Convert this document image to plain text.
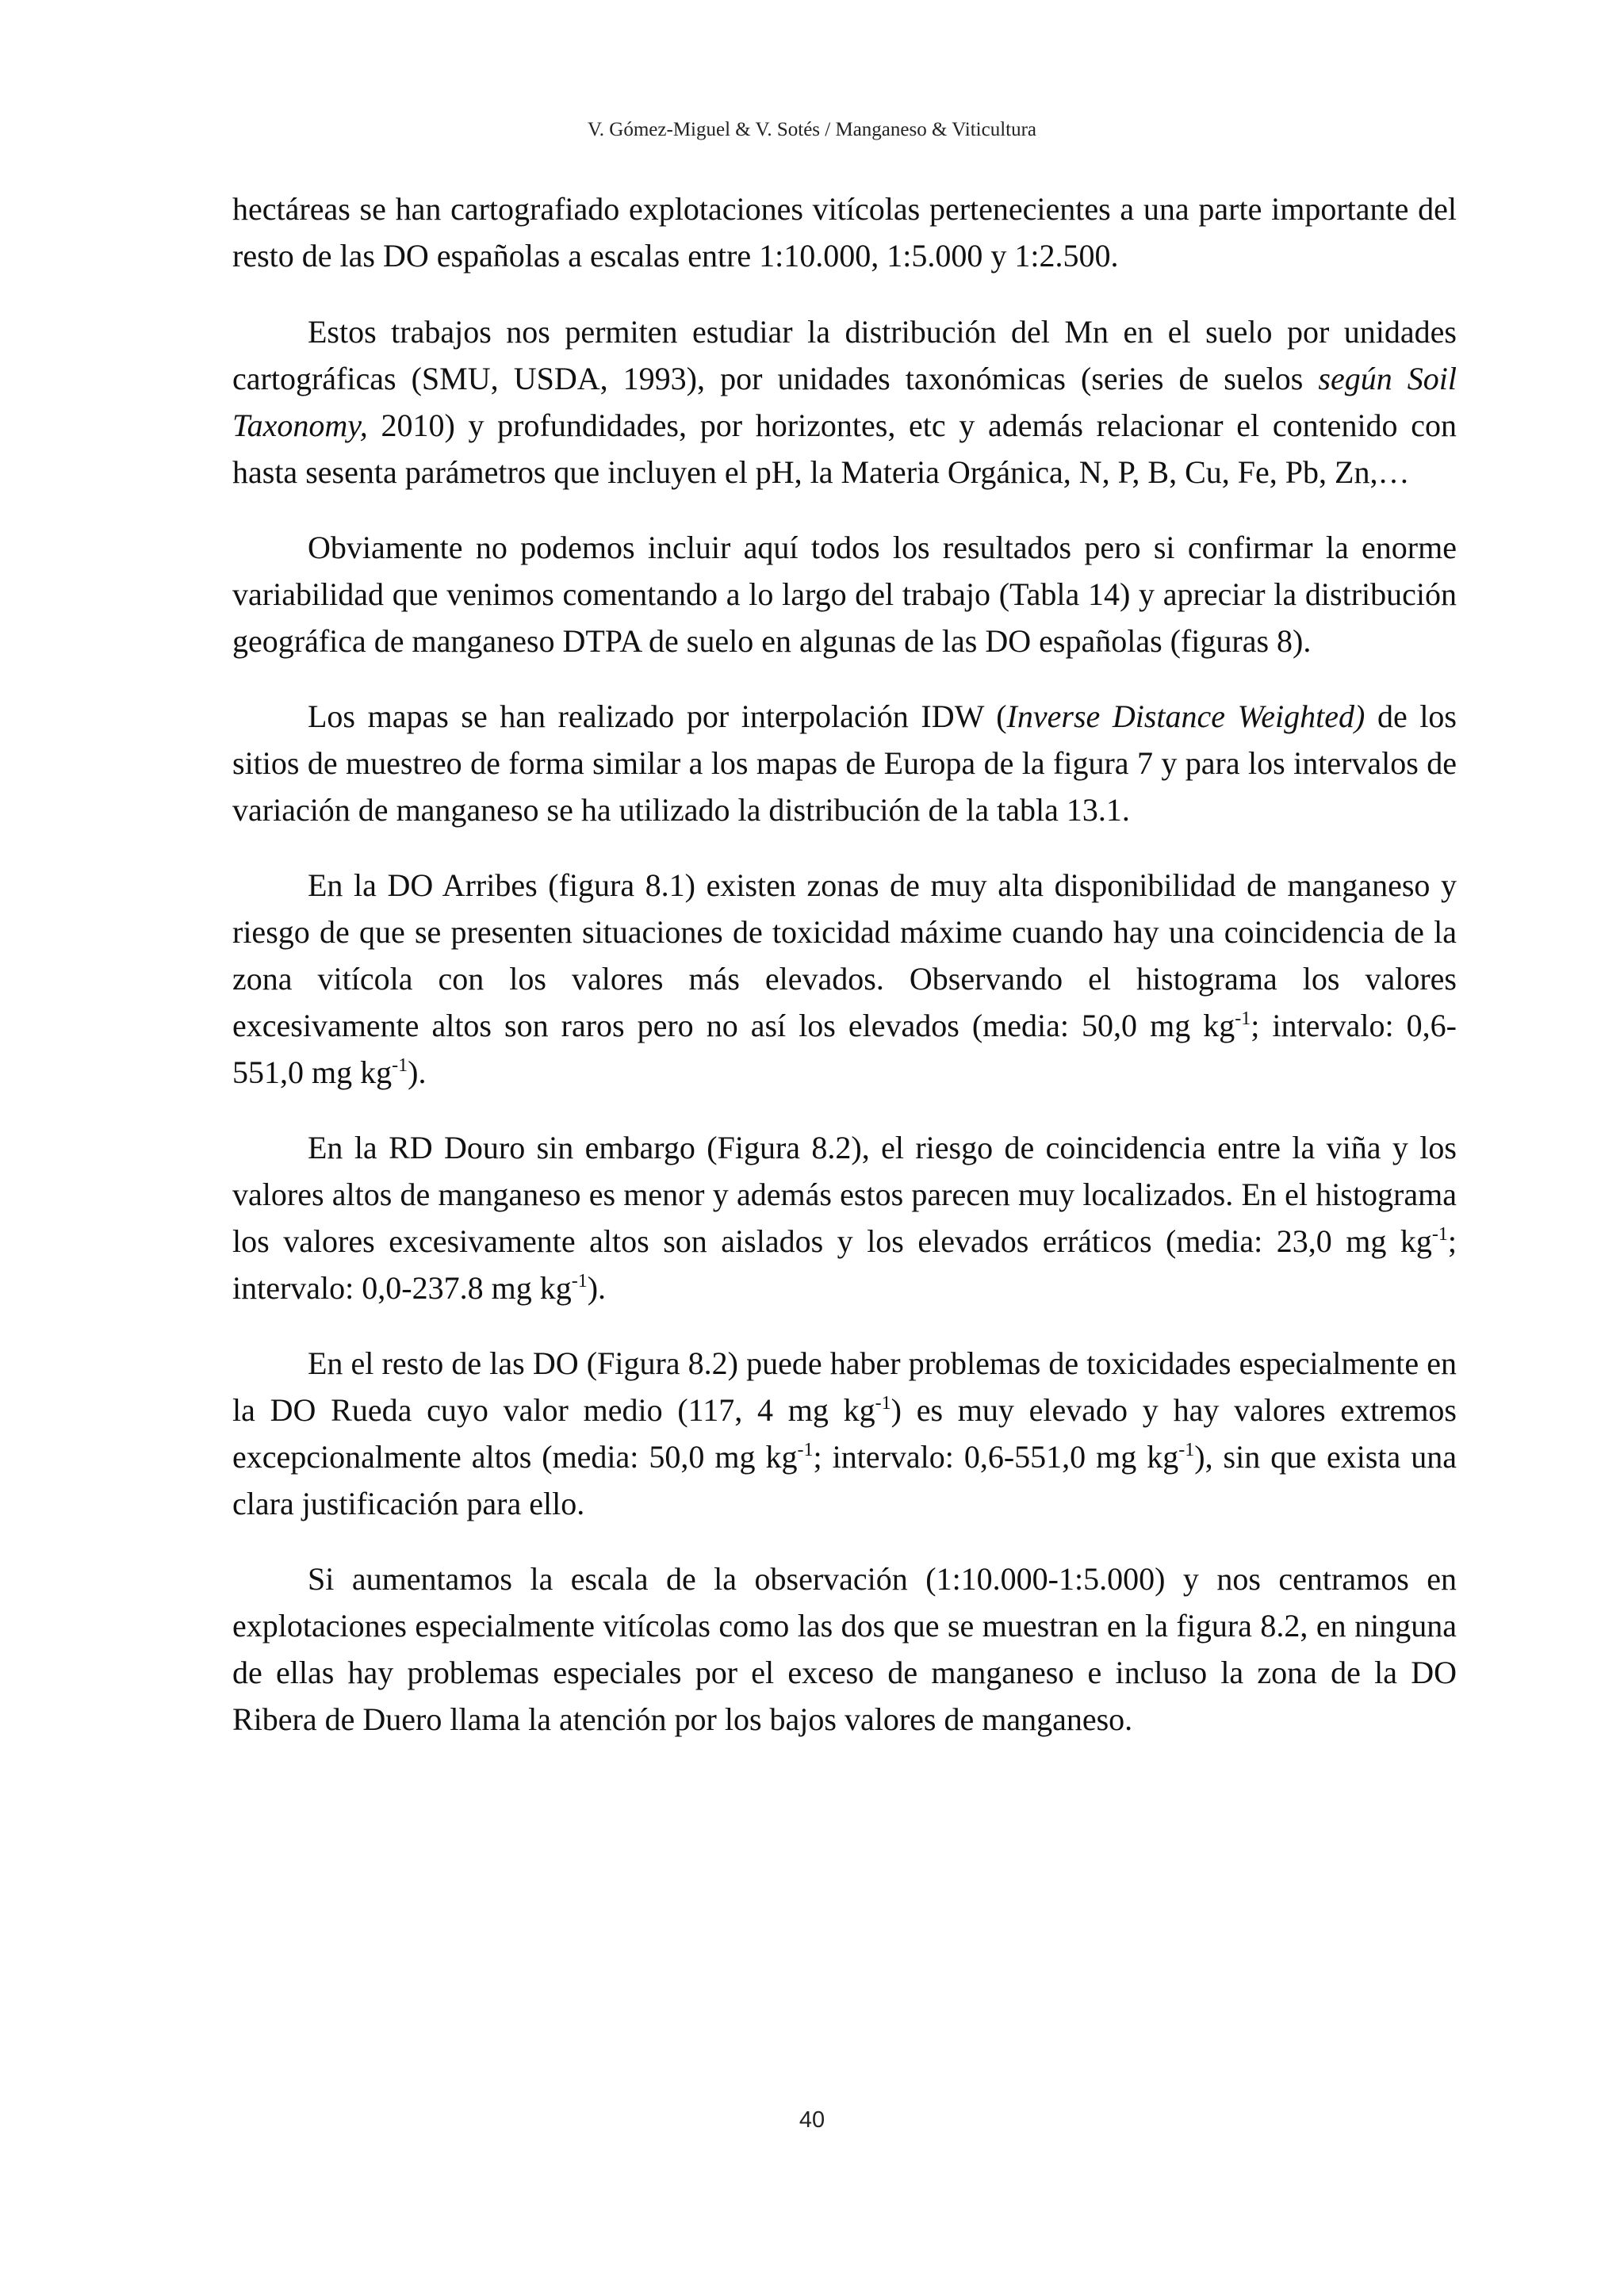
V. Gómez-Miguel & V. Sotés / Manganeso & Viticultura

hectáreas se han cartografiado explotaciones vitícolas pertenecientes a una parte importante del resto de las DO españolas a escalas entre 1:10.000, 1:5.000 y 1:2.500.

Estos trabajos nos permiten estudiar la distribución del Mn en el suelo por unidades cartográficas (SMU, USDA, 1993), por unidades taxonómicas (series de suelos según Soil Taxonomy, 2010) y profundidades, por horizontes, etc y además relacionar el contenido con hasta sesenta parámetros que incluyen el pH, la Materia Orgánica, N, P, B, Cu, Fe, Pb, Zn,…

Obviamente no podemos incluir aquí todos los resultados pero si confirmar la enorme variabilidad que venimos comentando a lo largo del trabajo (Tabla 14) y apreciar la distribución geográfica de manganeso DTPA de suelo en algunas de las DO españolas (figuras 8).

Los mapas se han realizado por interpolación IDW (Inverse Distance Weighted) de los sitios de muestreo de forma similar a los mapas de Europa de la figura 7 y para los intervalos de variación de manganeso se ha utilizado la distribución de la tabla 13.1.

En la DO Arribes (figura 8.1) existen zonas de muy alta disponibilidad de manganeso y riesgo de que se presenten situaciones de toxicidad máxime cuando hay una coincidencia de la zona vitícola con los valores más elevados. Observando el histograma los valores excesivamente altos son raros pero no así los elevados (media: 50,0 mg $kg^{-1}$; intervalo: 0,6-551,0 mg $kg^{-1}$).

En la RD Douro sin embargo (Figura 8.2), el riesgo de coincidencia entre la viña y los valores altos de manganeso es menor y además estos parecen muy localizados. En el histograma los valores excesivamente altos son aislados y los elevados erráticos (media: 23,0 mg $kg^{-1}$; intervalo: 0,0-237.8 mg $kg^{-1}$).

En el resto de las DO (Figura 8.2) puede haber problemas de toxicidades especialmente en la DO Rueda cuyo valor medio (117, 4 mg $kg^{-1}$) es muy elevado y hay valores extremos excepcionalmente altos (media: 50,0 mg $kg^{-1}$; intervalo: 0,6-551,0 mg $kg^{-1}$), sin que exista una clara justificación para ello.

Si aumentamos la escala de la observación (1:10.000-1:5.000) y nos centramos en explotaciones especialmente vitícolas como las dos que se muestran en la figura 8.2, en ninguna de ellas hay problemas especiales por el exceso de manganeso e incluso la zona de la DO Ribera de Duero llama la atención por los bajos valores de manganeso.

40
